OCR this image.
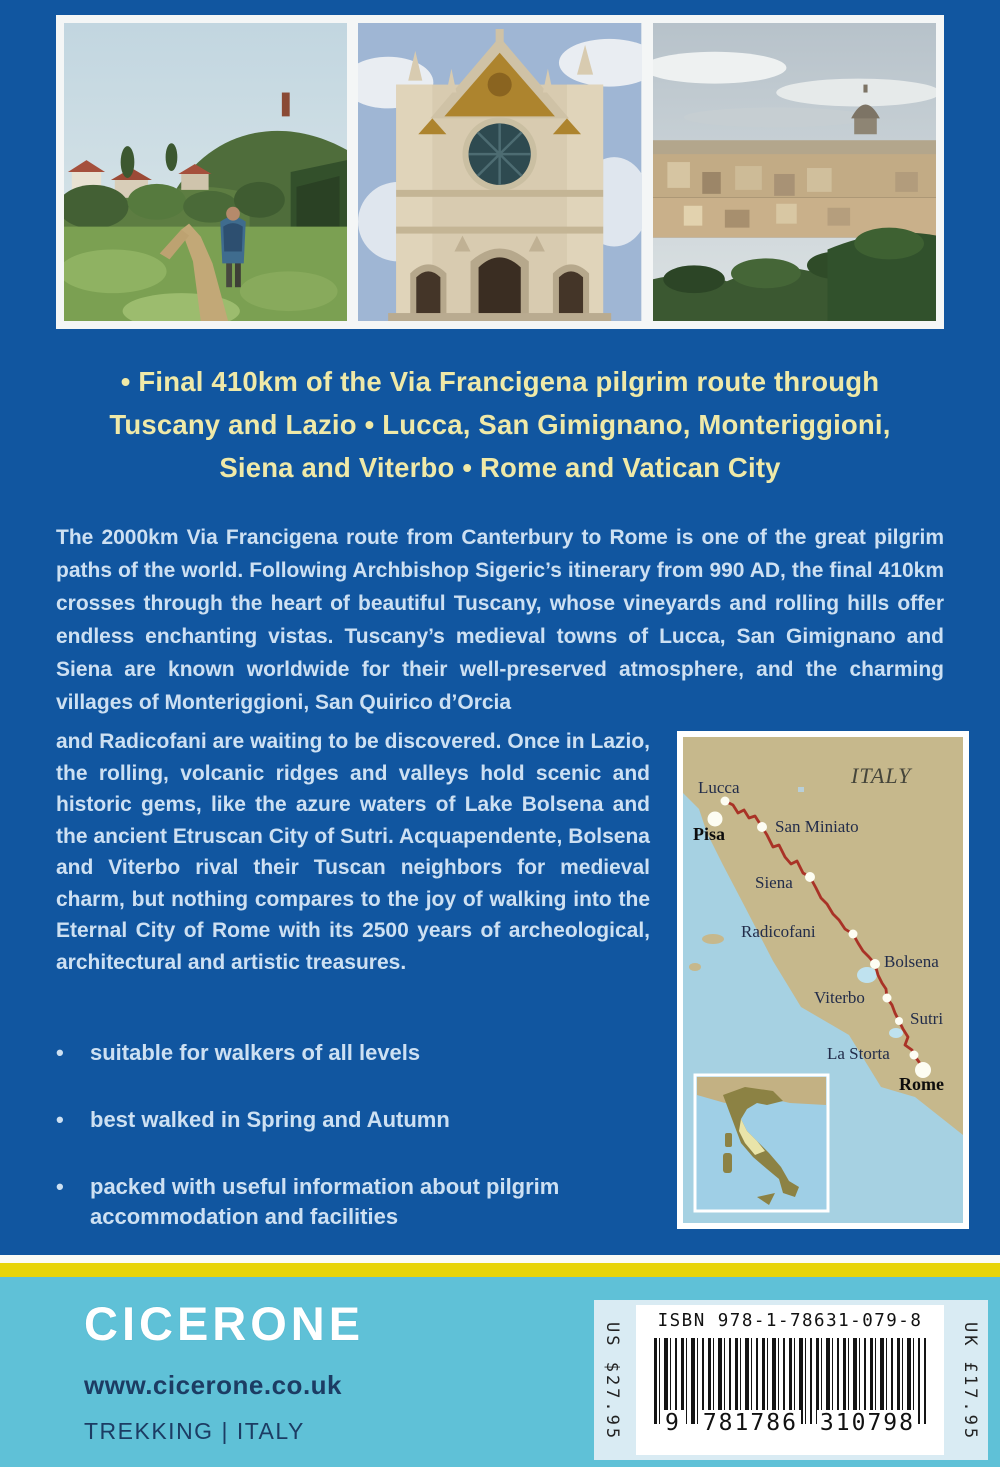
• Final 410km of the Via Francigena pilgrim route through
Tuscany and Lazio • Lucca, San Gimignano, Monteriggioni,
Siena and Viterbo • Rome and Vatican City
The 2000km Via Francigena route from Canterbury to Rome is one of the great pilgrim paths of the world. Following Archbishop Sigeric’s itinerary from 990 AD, the final 410km crosses through the heart of beautiful Tuscany, whose vineyards and rolling hills offer endless enchanting vistas. Tuscany’s medieval towns of Lucca, San Gimignano and Siena are known worldwide for their well-preserved atmosphere, and the charming villages of Monteriggioni, San Quirico d’Orcia
and Radicofani are waiting to be discovered. Once in Lazio, the rolling, volcanic ridges and valleys hold scenic and historic gems, like the azure waters of Lake Bolsena and the ancient Etruscan City of Sutri. Acquapendente, Bolsena and Viterbo rival their Tuscan neighbors for medieval charm, but nothing compares to the joy of walking into the Eternal City of Rome with its 2500 years of archeological, architectural and artistic treasures.
•	suitable for walkers of all levels
•	best walked in Spring and Autumn
•	packed with useful information about pilgrim accommodation and facilities
ITALY
Lucca
Pisa	San Miniato
Siena
Radicofani
Bolsena
Viterbo
Sutri
La Storta
Rome
CICERONE
www.cicerone.co.uk
TREKKING | ITALY	US $27.95
ISBN 978-1-78631-079-8
9 781786 310798	UK £17.95
